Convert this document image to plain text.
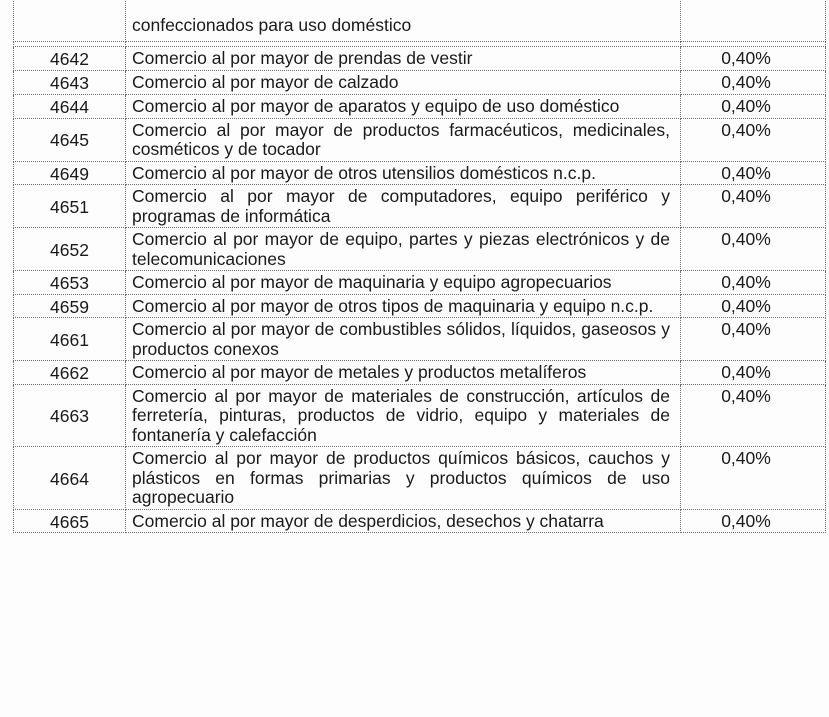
	confeccionados para uso doméstico	

4642	Comercio al por mayor de prendas de vestir	0,40%
4643	Comercio al por mayor de calzado	0,40%
4644	Comercio al por mayor de aparatos y equipo de uso doméstico	0,40%
4645	Comercio al por mayor de productos farmacéuticos, medicinales, cosméticos y de tocador	0,40%
4649	Comercio al por mayor de otros utensilios domésticos n.c.p.	0,40%
4651	Comercio al por mayor de computadores, equipo periférico y programas de informática	0,40%
4652	Comercio al por mayor de equipo, partes y piezas electrónicos y de telecomunicaciones	0,40%
4653	Comercio al por mayor de maquinaria y equipo agropecuarios	0,40%
4659	Comercio al por mayor de otros tipos de maquinaria y equipo n.c.p.	0,40%
4661	Comercio al por mayor de combustibles sólidos, líquidos, gaseosos y productos conexos	0,40%
4662	Comercio al por mayor de metales y productos metalíferos	0,40%
4663	Comercio al por mayor de materiales de construcción, artículos de ferretería, pinturas, productos de vidrio, equipo y materiales de fontanería y calefacción	0,40%
4664	Comercio al por mayor de productos químicos básicos, cauchos y plásticos en formas primarias y productos químicos de uso agropecuario	0,40%
4665	Comercio al por mayor de desperdicios, desechos y chatarra	0,40%
